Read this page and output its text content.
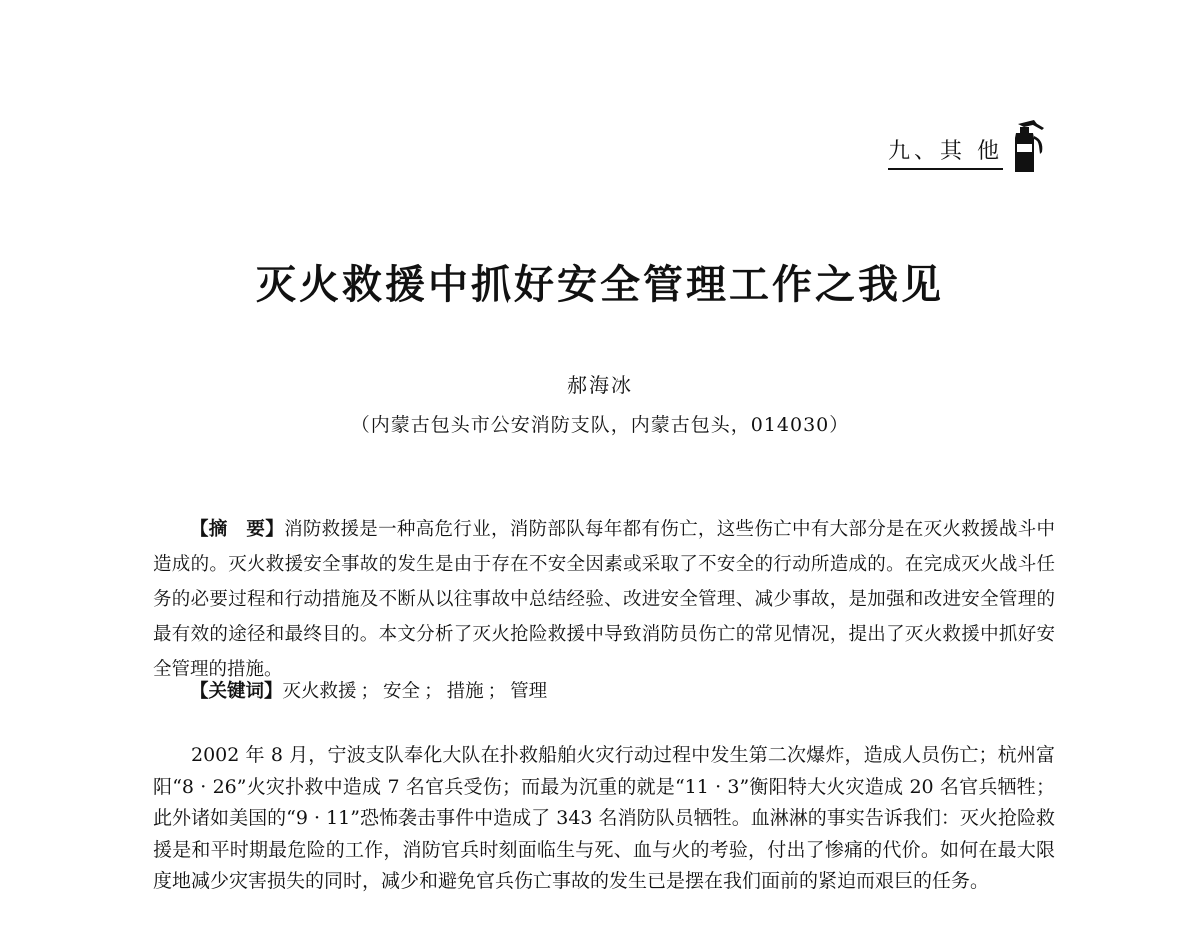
九、其 他
灭火救援中抓好安全管理工作之我见
郝海冰
（内蒙古包头市公安消防支队，内蒙古包头，014030）

【摘　要】消防救援是一种高危行业，消防部队每年都有伤亡，这些伤亡中有大部分是在灭火救援战斗中造成的。灭火救援安全事故的发生是由于存在不安全因素或采取了不安全的行动所造成的。在完成灭火战斗任务的必要过程和行动措施及不断从以往事故中总结经验、改进安全管理、减少事故，是加强和改进安全管理的最有效的途径和最终目的。本文分析了灭火抢险救援中导致消防员伤亡的常见情况，提出了灭火救援中抓好安全管理的措施。

【关键词】灭火救援 ； 安全 ； 措施 ； 管理

2002 年 8 月，宁波支队奉化大队在扑救船舶火灾行动过程中发生第二次爆炸，造成人员伤亡；杭州富阳“8 · 26”火灾扑救中造成 7 名官兵受伤；而最为沉重的就是“11 · 3”衡阳特大火灾造成 20 名官兵牺牲；此外诸如美国的“9 · 11”恐怖袭击事件中造成了 343 名消防队员牺牲。血淋淋的事实告诉我们：灭火抢险救援是和平时期最危险的工作，消防官兵时刻面临生与死、血与火的考验，付出了惨痛的代价。如何在最大限度地减少灾害损失的同时，减少和避免官兵伤亡事故的发生已是摆在我们面前的紧迫而艰巨的任务。
